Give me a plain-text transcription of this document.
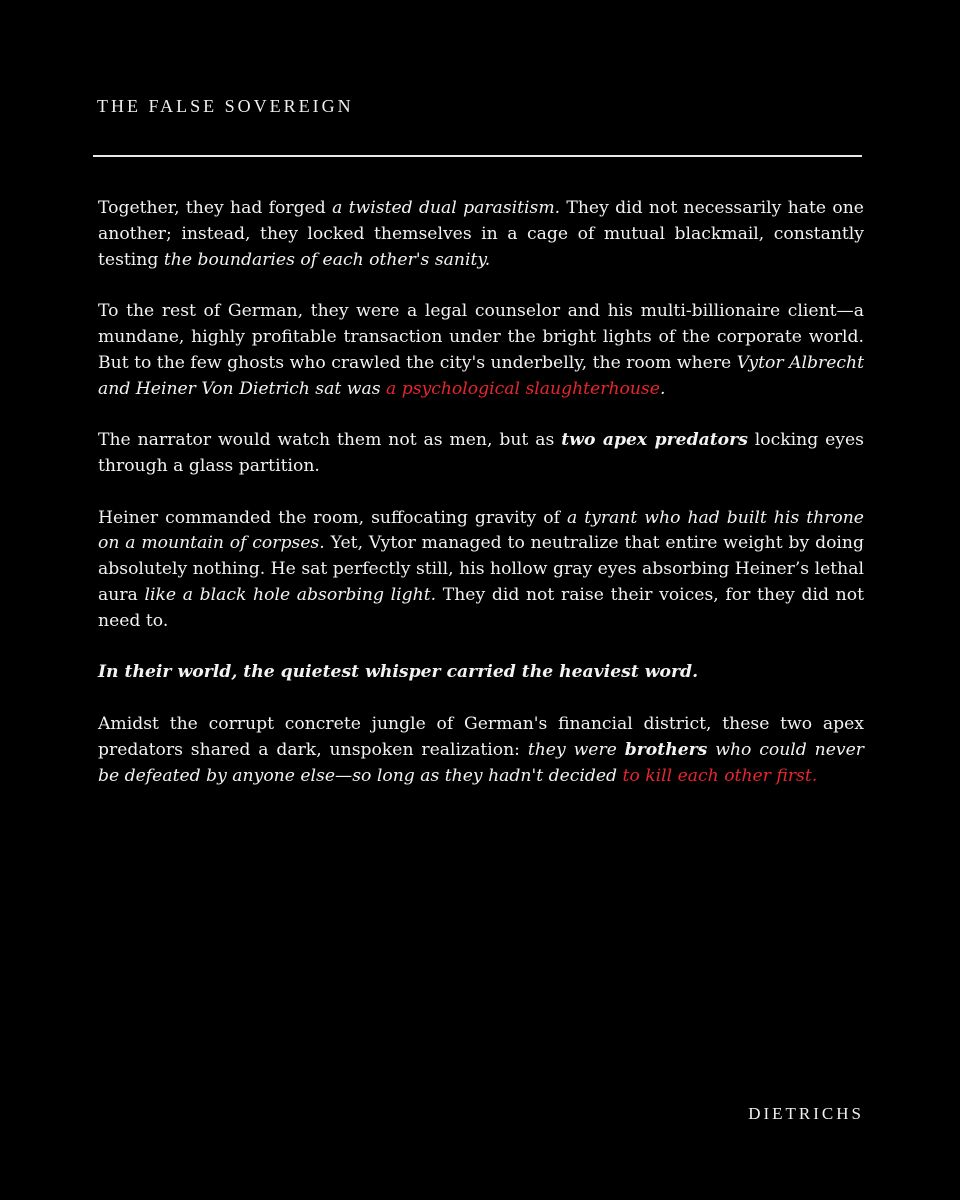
THE FALSE SOVEREIGN

Together, they had forged a twisted dual parasitism. They did not necessarily hate one another; instead, they locked themselves in a cage of mutual blackmail, constantly testing the boundaries of each other's sanity.

To the rest of German, they were a legal counselor and his multi-billionaire client—a mundane, highly profitable transaction under the bright lights of the corporate world. But to the few ghosts who crawled the city's underbelly, the room where Vytor Albrecht and Heiner Von Dietrich sat was a psychological slaughterhouse.

The narrator would watch them not as men, but as two apex predators locking eyes through a glass partition.

Heiner commanded the room, suffocating gravity of a tyrant who had built his throne on a mountain of corpses. Yet, Vytor managed to neutralize that entire weight by doing absolutely nothing. He sat perfectly still, his hollow gray eyes absorbing Heiner’s lethal aura like a black hole absorbing light. They did not raise their voices, for they did not need to.

In their world, the quietest whisper carried the heaviest word.

Amidst the corrupt concrete jungle of German's financial district, these two apex predators shared a dark, unspoken realization: they were brothers who could never be defeated by anyone else—so long as they hadn't decided to kill each other first.

DIETRICHS
